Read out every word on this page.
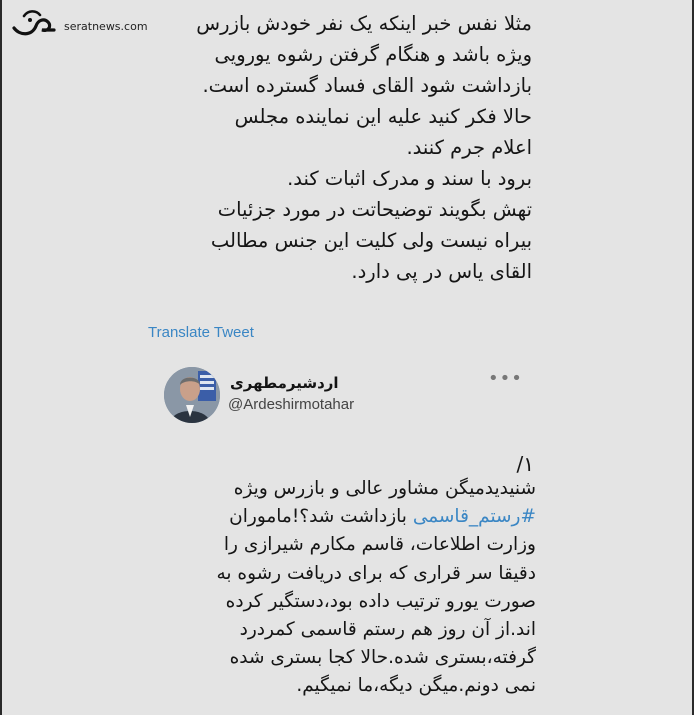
seratnews.com	مثلا نفس خبر اینکه یک نفر خودش بازرس
ویژه باشد و هنگام گرفتن رشوه یورویی
بازداشت شود القای فساد گسترده است.
حالا فکر کنید علیه این نماینده مجلس
اعلام جرم کنند.
برود با سند و مدرک اثبات کند.
تهش بگویند توضیحاتت در مورد جزئیات
بیراه نیست ولی کلیت این جنس مطالب
القای یاس در پی دارد.
Translate Tweet
اردشیرمطهری
@Ardeshirmotahar
•••
/۱
شنیدیدمیگن مشاور عالی و بازرس ویژه
#رستم_قاسمی بازداشت شد؟!ماموران
وزارت اطلاعات، قاسم مکارم شیرازی را
دقیقا سر قراری که برای دریافت رشوه به
صورت یورو ترتیب داده بود،دستگیر کرده
اند.از آن روز هم رستم قاسمی کمردرد
گرفته،بستری شده.حالا کجا بستری شده
نمی دونم.میگن دیگه،ما نمیگیم.
